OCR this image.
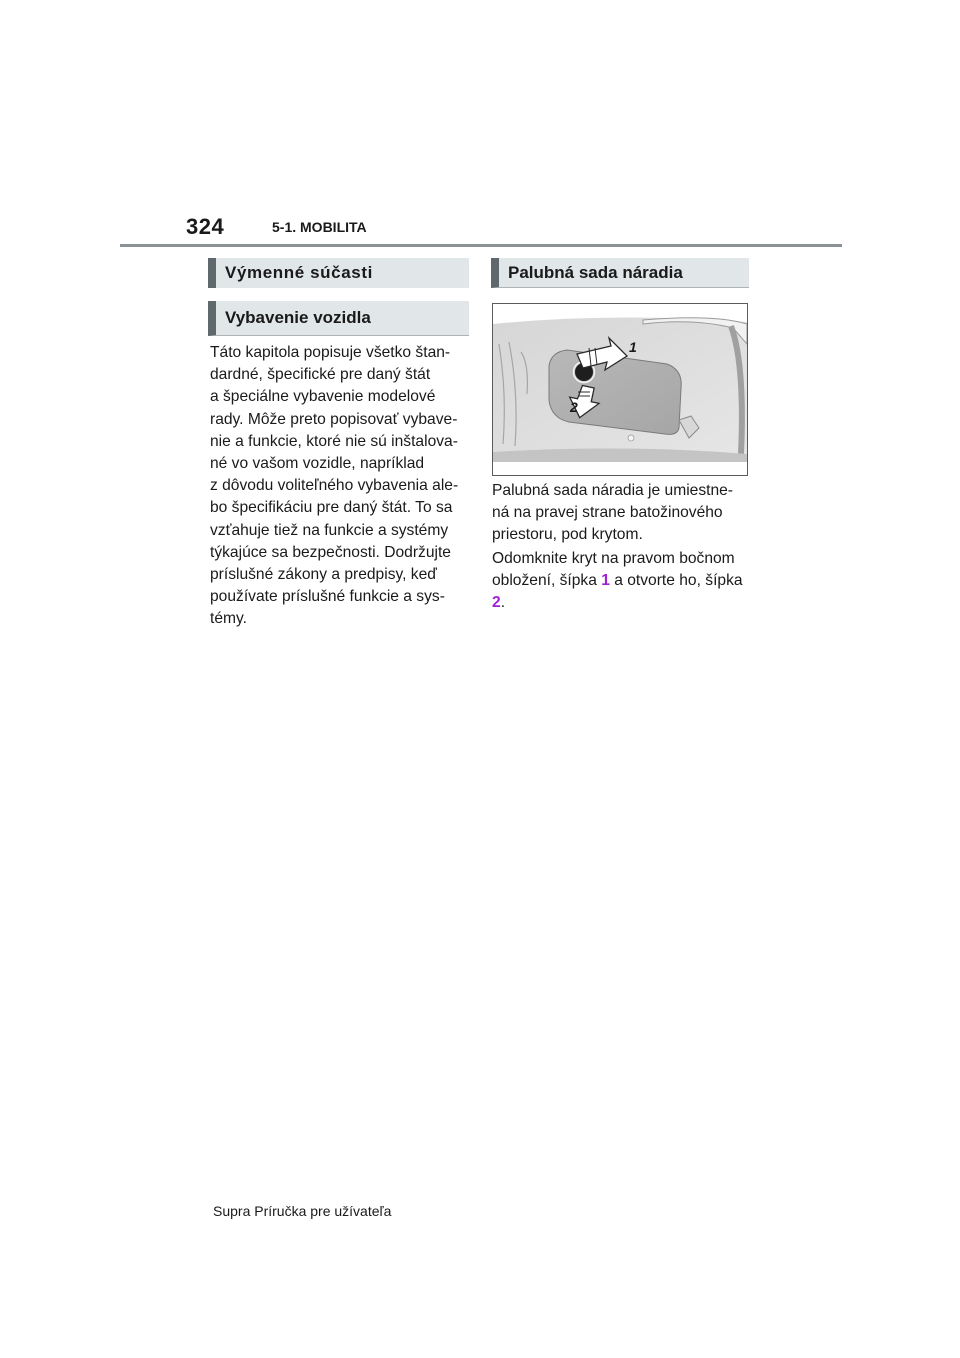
324	5-1. MOBILITA
Výmenné súčasti
Vybavenie vozidla
Táto kapitola popisuje všetko štan-
dardné, špecifické pre daný štát
a špeciálne vybavenie modelové
rady. Môže preto popisovať vybave-
nie a funkcie, ktoré nie sú inštalova-
né vo vašom vozidle, napríklad
z dôvodu voliteľného vybavenia ale-
bo špecifikáciu pre daný štát. To sa
vzťahuje tiež na funkcie a systémy
týkajúce sa bezpečnosti. Dodržujte
príslušné zákony a predpisy, keď
používate príslušné funkcie a sys-
témy.
Palubná sada náradia
1
2
Palubná sada náradia je umiestne-
ná na pravej strane batožinového
priestoru, pod krytom.
Odomknite kryt na pravom bočnom
obložení, šípka 1 a otvorte ho, šípka
2.
Supra Príručka pre užívateľa
